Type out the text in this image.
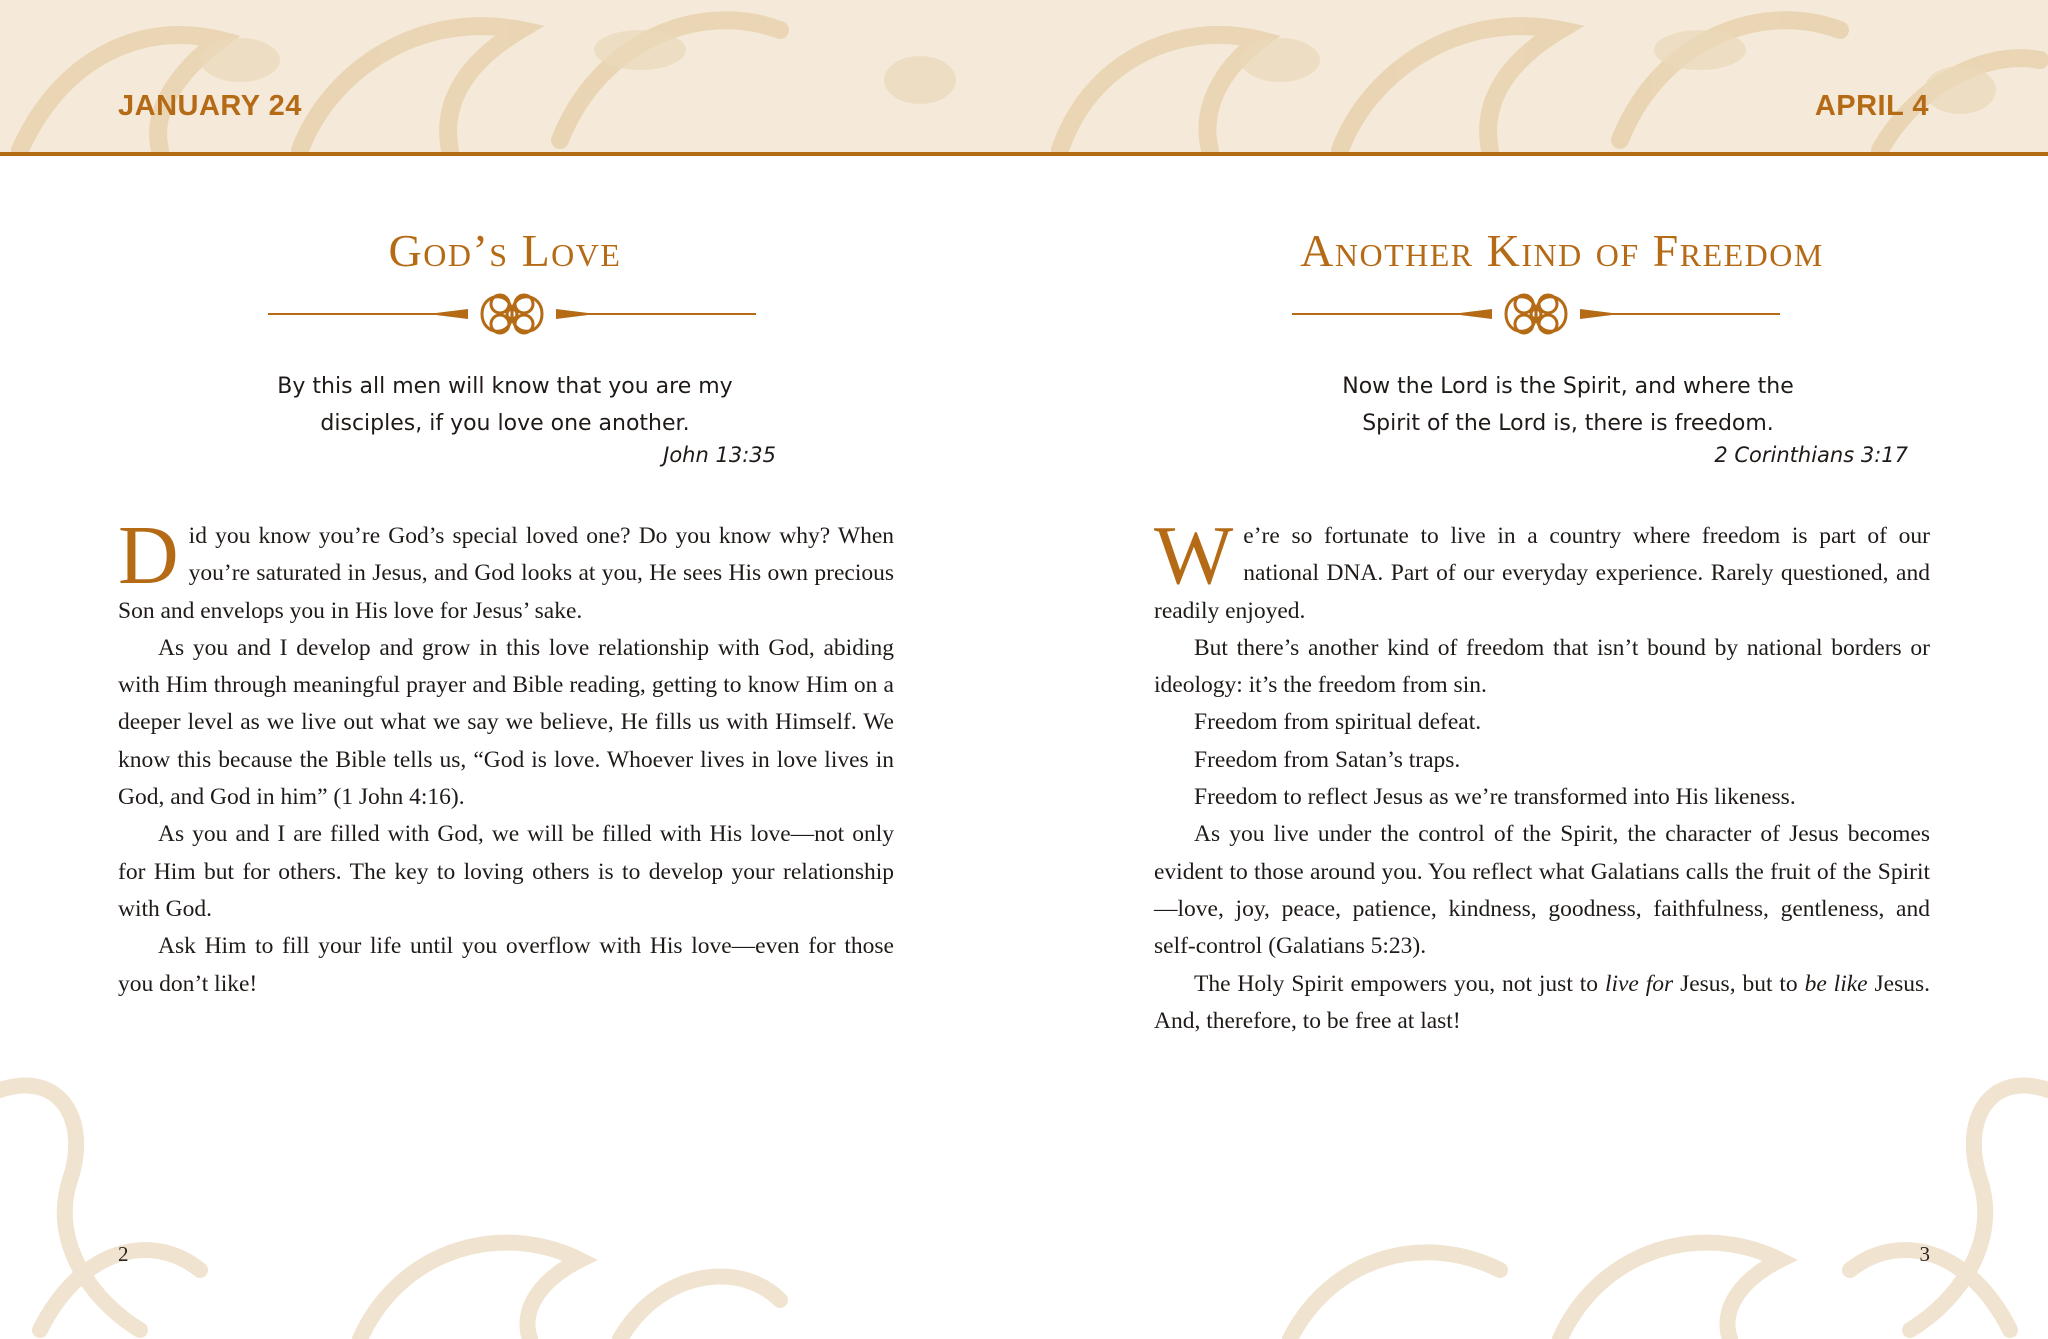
JANUARY 24	APRIL 4
God’s Love
By this all men will know that you are my
disciples, if you love one another.
John 13:35

Did you know you’re God’s special loved one? Do you know why? When you’re saturated in Jesus, and God looks at you, He sees His own precious Son and envelops you in His love for Jesus’ sake.

As you and I develop and grow in this love relationship with God, abiding with Him through meaningful prayer and Bible reading, getting to know Him on a deeper level as we live out what we say we believe, He fills us with Himself. We know this because the Bible tells us, “God is love. Whoever lives in love lives in God, and God in him” (1 John 4:16).

As you and I are filled with God, we will be filled with His love—not only for Him but for others. The key to loving others is to develop your relationship with God.

Ask Him to fill your life until you overflow with His love—even for those you don’t like!

2
Another Kind of Freedom
Now the Lord is the Spirit, and where the
Spirit of the Lord is, there is freedom.
2 Corinthians 3:17

We’re so fortunate to live in a country where freedom is part of our national DNA. Part of our everyday experience. Rarely questioned, and readily enjoyed.

But there’s another kind of freedom that isn’t bound by national borders or ideology: it’s the freedom from sin.

Freedom from spiritual defeat.

Freedom from Satan’s traps.

Freedom to reflect Jesus as we’re transformed into His likeness.

As you live under the control of the Spirit, the character of Jesus becomes evident to those around you. You reflect what Galatians calls the fruit of the Spirit—love, joy, peace, patience, kindness, goodness, faithfulness, gentleness, and self-control (Galatians 5:23).

The Holy Spirit empowers you, not just to live for Jesus, but to be like Jesus. And, therefore, to be free at last!

3
